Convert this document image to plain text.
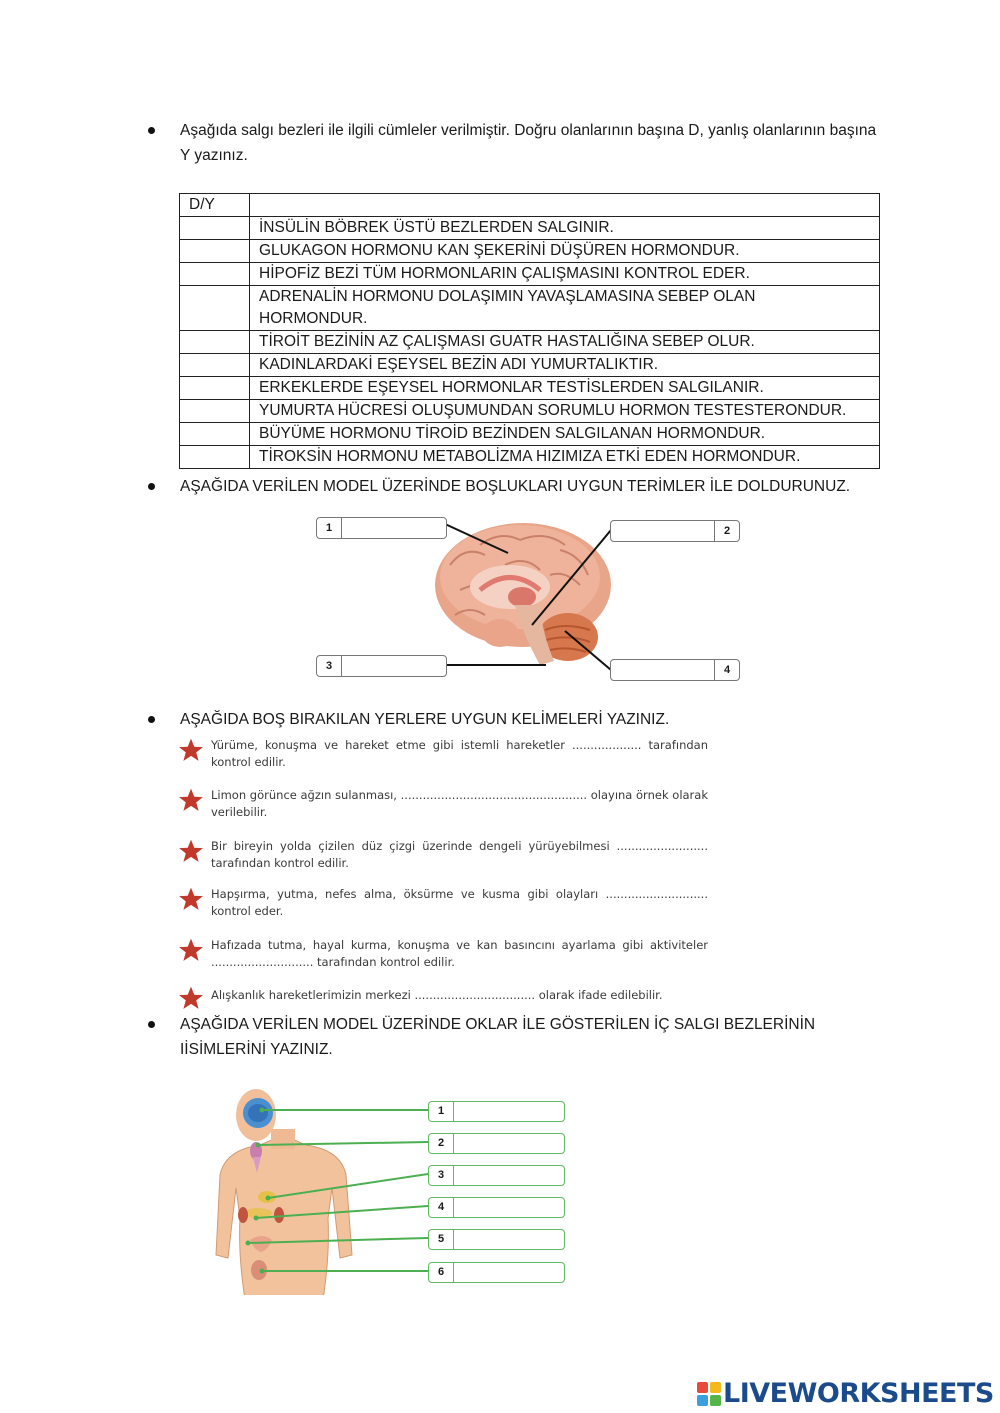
Aşağıda salgı bezleri ile ilgili cümleler verilmiştir. Doğru olanlarının başına D, yanlış olanlarının başına Y yazınız.
D/Y	
	İNSÜLİN BÖBREK ÜSTÜ BEZLERDEN SALGINIR.
	GLUKAGON HORMONU KAN ŞEKERİNİ DÜŞÜREN HORMONDUR.
	HİPOFİZ BEZİ TÜM HORMONLARIN ÇALIŞMASINI KONTROL EDER.
	ADRENALİN HORMONU DOLAŞIMIN YAVAŞLAMASINA SEBEP OLAN HORMONDUR.
	TİROİT BEZİNİN AZ ÇALIŞMASI GUATR HASTALIĞINA SEBEP OLUR.
	KADINLARDAKİ EŞEYSEL BEZİN ADI YUMURTALIKTIR.
	ERKEKLERDE EŞEYSEL HORMONLAR TESTİSLERDEN SALGILANIR.
	YUMURTA HÜCRESİ OLUŞUMUNDAN SORUMLU HORMON TESTESTERONDUR.
	BÜYÜME HORMONU TİROİD BEZİNDEN SALGILANAN HORMONDUR.
	TİROKSİN HORMONU METABOLİZMA HIZIMIZA ETKİ EDEN HORMONDUR.
AŞAĞIDA VERİLEN MODEL ÜZERİNDE BOŞLUKLARI UYGUN TERİMLER İLE DOLDURUNUZ.
1	2
3	4
AŞAĞIDA BOŞ BIRAKILAN YERLERE UYGUN KELİMELERİ YAZINIZ.
Yürüme, konuşma ve hareket etme gibi istemli hareketler ................... tarafından kontrol edilir.
Limon görünce ağzın sulanması, ................................................... olayına örnek olarak verilebilir.
Bir bireyin yolda çizilen düz çizgi üzerinde dengeli yürüyebilmesi ......................... tarafından kontrol edilir.
Hapşırma, yutma, nefes alma, öksürme ve kusma gibi olayları ............................ kontrol eder.
Hafızada tutma, hayal kurma, konuşma ve kan basıncını ayarlama gibi aktiviteler ............................ tarafından kontrol edilir.
Alışkanlık hareketlerimizin merkezi ................................. olarak ifade edilebilir.
AŞAĞIDA VERİLEN MODEL ÜZERİNDE OKLAR İLE GÖSTERİLEN İÇ SALGI BEZLERİNİN IİSİMLERİNİ YAZINIZ.
1
2
3
4
5
6
LIVEWORKSHEETS
